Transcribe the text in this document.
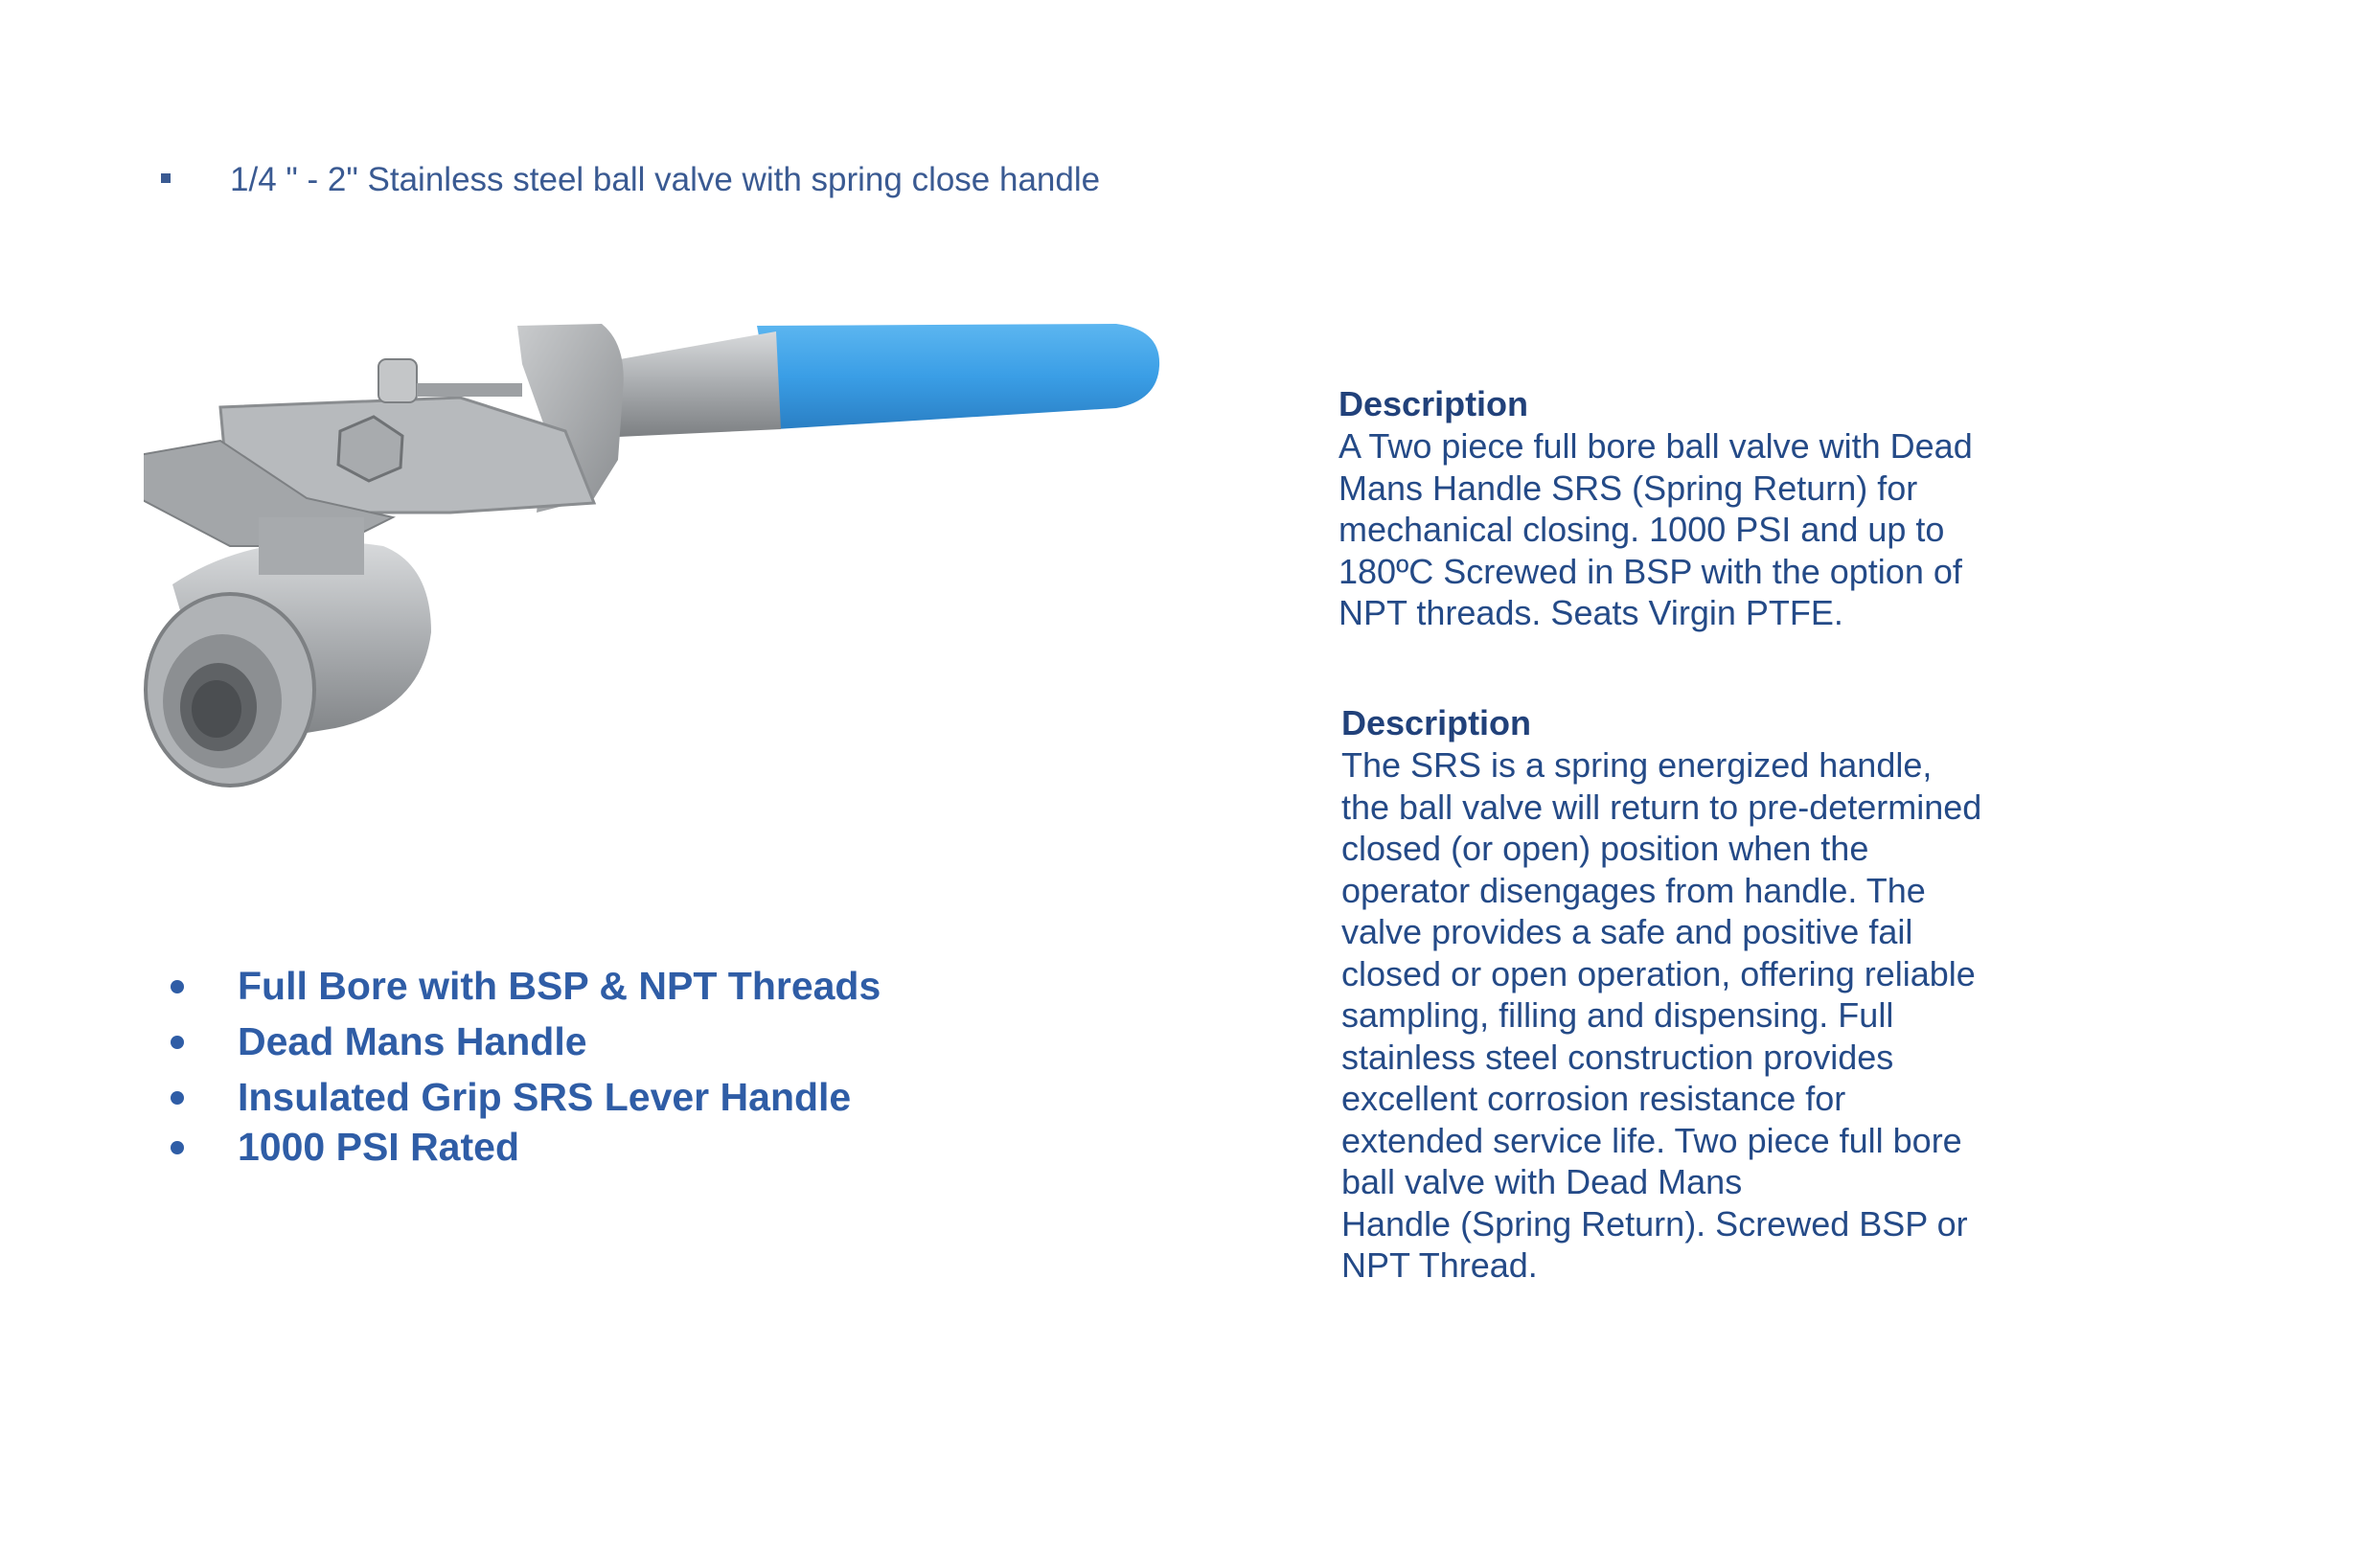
1/4 " - 2" Stainless steel ball valve with spring close handle
Full Bore with BSP & NPT Threads
Dead Mans Handle
Insulated Grip SRS Lever Handle
1000 PSI Rated
Description
A Two piece full bore ball valve with Dead
Mans Handle SRS (Spring Return) for
mechanical closing. 1000 PSI and up to
180ºC Screwed in BSP with the option of
NPT threads. Seats Virgin PTFE.
Description
The SRS is a spring energized handle,
the ball valve will return to pre-determined
closed (or open) position when the
operator disengages from handle. The
valve provides a safe and positive fail
closed or open operation, offering reliable
sampling, filling and dispensing. Full
stainless steel construction provides
excellent corrosion resistance for
extended service life. Two piece full bore
ball valve with Dead Mans
Handle (Spring Return). Screwed BSP or
NPT Thread.
